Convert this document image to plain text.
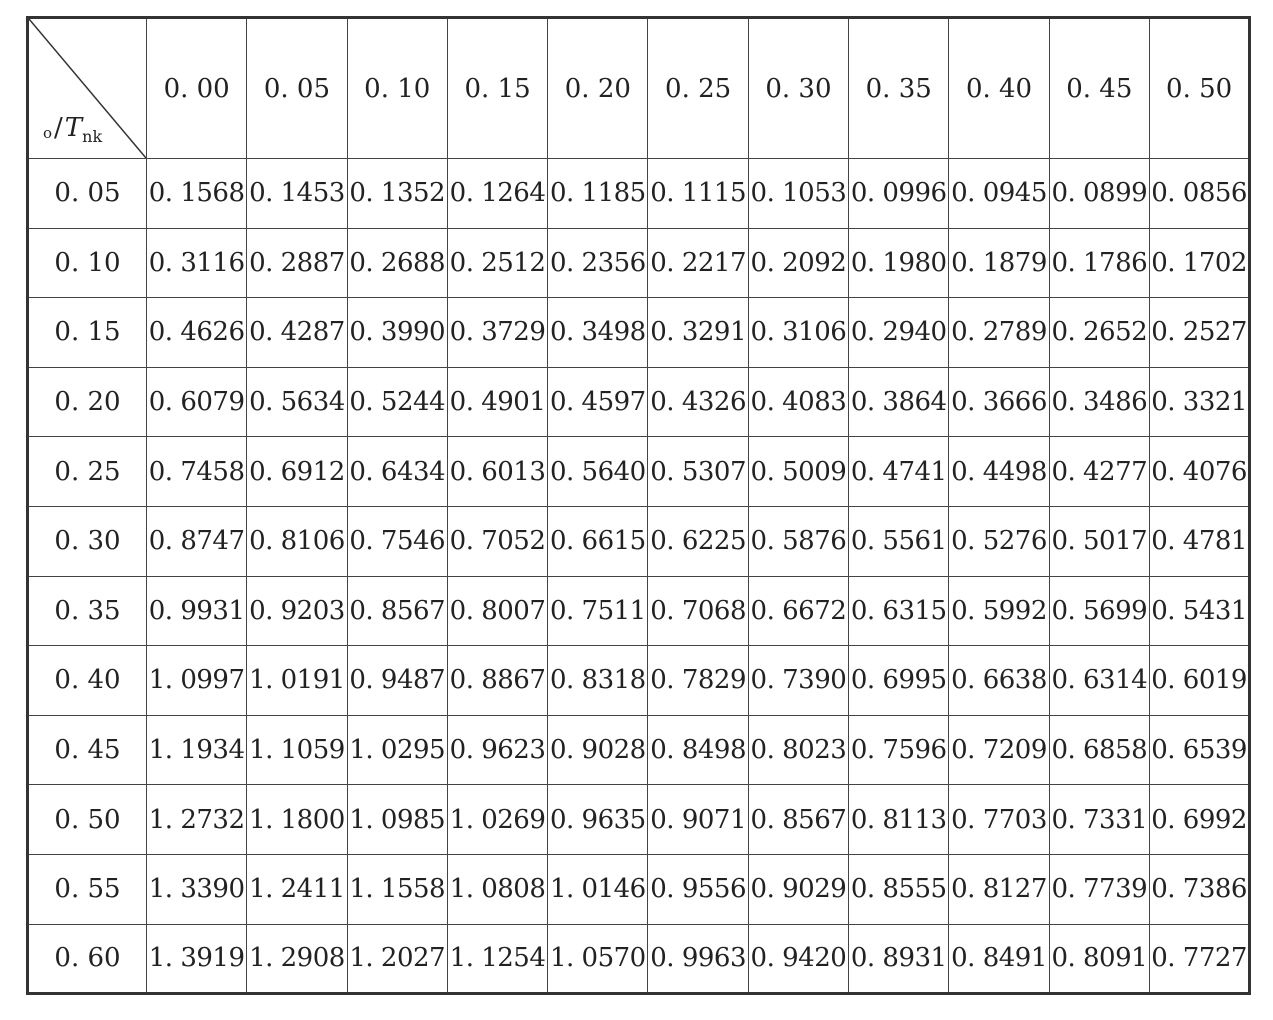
$o/T_{nk}$	0. 00	0. 05	0. 10	0. 15	0. 20	0. 25	0. 30	0. 35	0. 40	0. 45	0. 50
0. 05	0. 1568	0. 1453	0. 1352	0. 1264	0. 1185	0. 1115	0. 1053	0. 0996	0. 0945	0. 0899	0. 0856
0. 10	0. 3116	0. 2887	0. 2688	0. 2512	0. 2356	0. 2217	0. 2092	0. 1980	0. 1879	0. 1786	0. 1702
0. 15	0. 4626	0. 4287	0. 3990	0. 3729	0. 3498	0. 3291	0. 3106	0. 2940	0. 2789	0. 2652	0. 2527
0. 20	0. 6079	0. 5634	0. 5244	0. 4901	0. 4597	0. 4326	0. 4083	0. 3864	0. 3666	0. 3486	0. 3321
0. 25	0. 7458	0. 6912	0. 6434	0. 6013	0. 5640	0. 5307	0. 5009	0. 4741	0. 4498	0. 4277	0. 4076
0. 30	0. 8747	0. 8106	0. 7546	0. 7052	0. 6615	0. 6225	0. 5876	0. 5561	0. 5276	0. 5017	0. 4781
0. 35	0. 9931	0. 9203	0. 8567	0. 8007	0. 7511	0. 7068	0. 6672	0. 6315	0. 5992	0. 5699	0. 5431
0. 40	1. 0997	1. 0191	0. 9487	0. 8867	0. 8318	0. 7829	0. 7390	0. 6995	0. 6638	0. 6314	0. 6019
0. 45	1. 1934	1. 1059	1. 0295	0. 9623	0. 9028	0. 8498	0. 8023	0. 7596	0. 7209	0. 6858	0. 6539
0. 50	1. 2732	1. 1800	1. 0985	1. 0269	0. 9635	0. 9071	0. 8567	0. 8113	0. 7703	0. 7331	0. 6992
0. 55	1. 3390	1. 2411	1. 1558	1. 0808	1. 0146	0. 9556	0. 9029	0. 8555	0. 8127	0. 7739	0. 7386
0. 60	1. 3919	1. 2908	1. 2027	1. 1254	1. 0570	0. 9963	0. 9420	0. 8931	0. 8491	0. 8091	0. 7727
